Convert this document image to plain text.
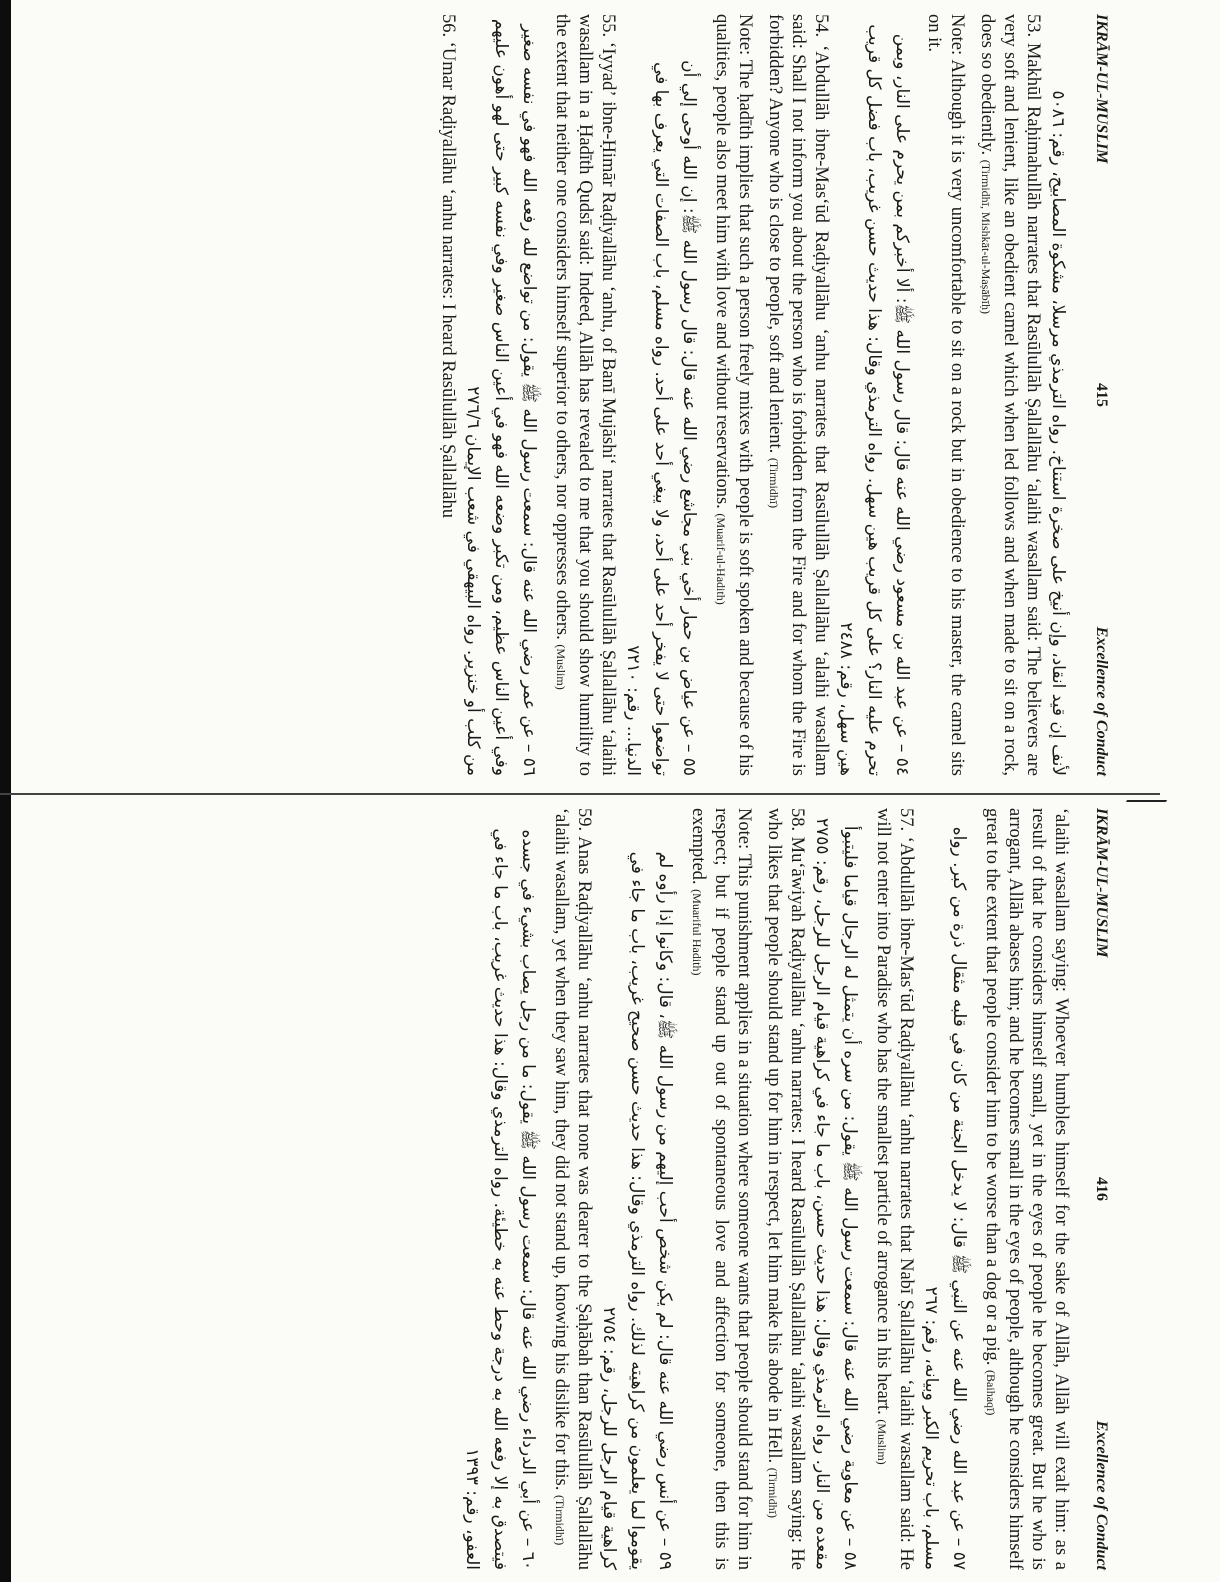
IKRĀM-UL-MUSLIM
415
Excellence of Conduct

لأنف إن قيد انقاد، وإن أنيخ على صخرة استناخ. رواه الترمذي مرسلا، مشكوة المصابيح، رقم: ٥٠٨٦

53. Makhūl Raḥimahullāh narrates that Rasūlullāh Ṣallallāhu ʻalaihi wasallam said: The believers are very soft and lenient, like an obedient camel which when led follows and when made to sit on a rock, does so obediently. (Tirmidhī, Mishkāt-ul-Maṣābīḥ)

Note: Although it is very uncomfortable to sit on a rock but in obedience to his master, the camel sits on it.

٥٤ – عن عبد الله بن مسعود رضي الله عنه قال: قال رسول الله ﷺ: ألا أخبركم بمن يحرم على النار، وبمن تحرم عليه النار؟ على كل قريب هين سهل. رواه الترمذي وقال: هذا حديث حسن غريب، باب فضل كل قريب هين سهل، رقم: ٢٤٨٨

54. ʻAbdullāh ibne-Masʻūd Raḍiyallāhu ʻanhu narrates that Rasūlullāh Ṣallallāhu ʻalaihi wasallam said: Shall I not inform you about the person who is forbidden from the Fire and for whom the Fire is forbidden? Anyone who is close to people, soft and lenient. (Tirmidhī)

Note: The ḥadīth implies that such a person freely mixes with people is soft spoken and because of his qualities, people also meet him with love and without reservations. (Muarif-ul-Hadith)

٥٥ – عن عياض بن حمار أخي بني مجاشع رضي الله عنه قال: قال رسول الله ﷺ: إن الله أوحى إلي أن تواضعوا حتى لا يفخر أحد على أحد، ولا يبغي أحد على أحد. رواه مسلم، باب الصفات التي يعرف بها في الدنيا... رقم: ٧٢١٠

55. ʻIyyadʼ ibne-Ḥimār Raḍiyallāhu ʻanhu, of Banī Mujāshiʻ narrates that Rasūlullāh Ṣallallāhu ʻalaihi wasallam in a Ḥadīth Qudsī said: Indeed, Allāh has revealed to me that you should show humility to the extent that neither one considers himself superior to others, nor oppresses others. (Muslim)

٥٦ – عن عمر رضي الله عنه قال: سمعت رسول الله ﷺ يقول: من تواضع لله رفعه الله فهو في نفسه صغير وفي أعين الناس عظيم، ومن تكبر وضعه الله فهو في أعين الناس صغير وفي نفسه كبير حتى لهو أهون عليهم من كلب أو خنزير. رواه البيهقي في شعب الإيمان ٢٧٦/٦

56. ʻUmar Raḍiyallāhu ʻanhu narrates: I heard Rasūlullāh Ṣallallāhu

IKRĀM-UL-MUSLIM
416
Excellence of Conduct

ʻalaihi wasallam saying: Whoever humbles himself for the sake of Allāh, Allāh will exalt him: as a result of that he considers himself small, yet in the eyes of people he becomes great. But he who is arrogant, Allāh abases him; and he becomes small in the eyes of people, although he considers himself great to the extent that people consider him to be worse than a dog or a pig. (Baihaqī)

٥٧ – عن عبد الله رضي الله عنه عن النبي ﷺ قال: لا يدخل الجنة من كان في قلبه مثقال ذرة من كبر. رواه مسلم، باب تحريم الكبر وبيانه، رقم: ٢٦٧

57. ʻAbdullāh ibne-Masʻūd Raḍiyallāhu ʻanhu narrates that Nabī Ṣallallāhu ʻalaihi wasallam said: He will not enter into Paradise who has the smallest particle of arrogance in his heart. (Muslim)

٥٨ – عن معاوية رضي الله عنه قال: سمعت رسول الله ﷺ يقول: من سره أن يتمثل له الرجال قياما فليتبوأ مقعده من النار. رواه الترمذي وقال: هذا حديث حسن، باب ما جاء في كراهية قيام الرجل للرجل، رقم: ٢٧٥٥

58. Muʻāwiyah Raḍiyallāhu ʻanhu narrates: I heard Rasūlullāh Ṣallallāhu ʻalaihi wasallam saying: He who likes that people should stand up for him in respect, let him make his abode in Hell. (Tirmidhī)

Note: This punishment applies in a situation where someone wants that people should stand for him in respect; but if people stand up out of spontaneous love and affection for someone, then this is exempted. (Muariful Hadith)

٥٩ – عن أنس رضي الله عنه قال: لم يكن شخص أحب إليهم من رسول الله ﷺ، قال: وكانوا إذا رأوه لم يقوموا لما يعلمون من كراهيته لذلك. رواه الترمذي وقال: هذا حديث حسن صحيح غريب، باب ما جاء في كراهية قيام الرجل للرجل، رقم: ٢٧٥٤

59. Anas Raḍiyallāhu ʻanhu narrates that none was dearer to the Ṣaḥābah than Rasūlullāh Ṣallallāhu ʻalaihi wasallam, yet when they saw him, they did not stand up, knowing his dislike for this. (Tirmidhī)

٦٠ – عن أبي الدرداء رضي الله عنه قال: سمعت رسول الله ﷺ يقول: ما من رجل يصاب بشيء في جسده فيتصدق به إلا رفعه الله به درجة وحط عنه به خطيئة. رواه الترمذي وقال: هذا حديث غريب، باب ما جاء في العفو، رقم: ١٣٩٣
